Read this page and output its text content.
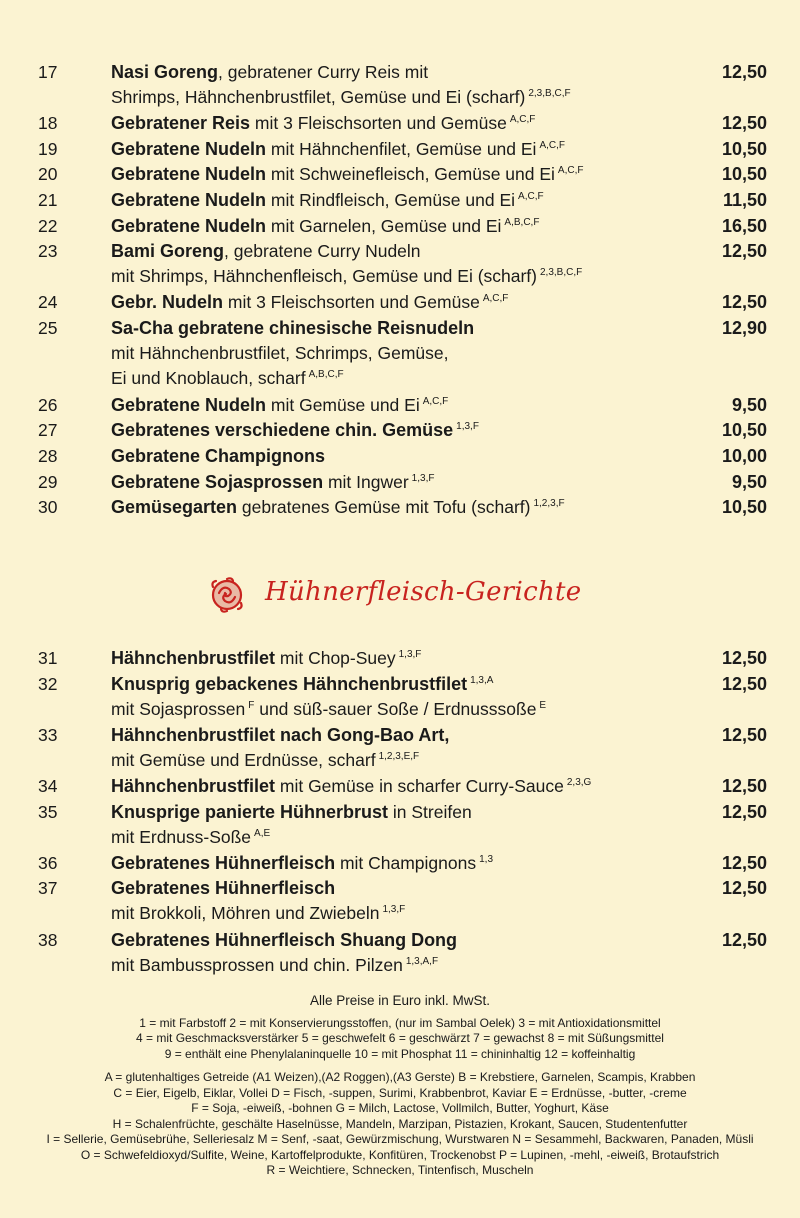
17	Nasi Goreng, gebratener Curry Reis mit	12,50
Shrimps, Hähnchenbrustfilet, Gemüse und Ei (scharf) $^{2,3,B,C,F}$
18	Gebratener Reis mit 3 Fleischsorten und Gemüse $^{A,C,F}$	12,50
19	Gebratene Nudeln mit Hähnchenfilet, Gemüse und Ei $^{A,C,F}$	10,50
20	Gebratene Nudeln mit Schweinefleisch, Gemüse und Ei $^{A,C,F}$	10,50
21	Gebratene Nudeln mit Rindfleisch, Gemüse und Ei $^{A,C,F}$	11,50
22	Gebratene Nudeln mit Garnelen, Gemüse und Ei $^{A,B,C,F}$	16,50
23	Bami Goreng, gebratene Curry Nudeln	12,50
mit Shrimps, Hähnchenfleisch, Gemüse und Ei (scharf) $^{2,3,B,C,F}$
24	Gebr. Nudeln mit 3 Fleischsorten und Gemüse $^{A,C,F}$	12,50
25	Sa-Cha gebratene chinesische Reisnudeln	12,90
mit Hähnchenbrustfilet, Schrimps, Gemüse,
Ei und Knoblauch, scharf $^{A,B,C,F}$
26	Gebratene Nudeln mit Gemüse und Ei $^{A,C,F}$	9,50
27	Gebratenes verschiedene chin. Gemüse $^{1,3,F}$	10,50
28	Gebratene Champignons	10,00
29	Gebratene Sojasprossen mit Ingwer $^{1,3,F}$	9,50
30	Gemüsegarten gebratenes Gemüse mit Tofu (scharf) $^{1,2,3,F}$	10,50
Hühnerfleisch-Gerichte
31	Hähnchenbrustfilet mit Chop-Suey $^{1,3,F}$	12,50
32	Knusprig gebackenes Hähnchenbrustfilet $^{1,3,A}$	12,50
mit Sojasprossen $^F$ und süß-sauer Soße / Erdnusssoße $^E$
33	Hähnchenbrustfilet nach Gong-Bao Art,	12,50
mit Gemüse und Erdnüsse, scharf $^{1,2,3,E,F}$
34	Hähnchenbrustfilet mit Gemüse in scharfer Curry-Sauce $^{2,3,G}$	12,50
35	Knusprige panierte Hühnerbrust in Streifen	12,50
mit Erdnuss-Soße $^{A,E}$
36	Gebratenes Hühnerfleisch mit Champignons $^{1,3}$	12,50
37	Gebratenes Hühnerfleisch	12,50
mit Brokkoli, Möhren und Zwiebeln $^{1,3,F}$
38	Gebratenes Hühnerfleisch Shuang Dong	12,50
mit Bambussprossen und chin. Pilzen $^{1,3,A,F}$
Alle Preise in Euro inkl. MwSt.
1 = mit Farbstoff 2 = mit Konservierungsstoffen, (nur im Sambal Oelek) 3 = mit Antioxidationsmittel
4 = mit Geschmacksverstärker 5 = geschwefelt 6 = geschwärzt 7 = gewachst 8 = mit Süßungsmittel
9 = enthält eine Phenylalaninquelle 10 = mit Phosphat 11 = chininhaltig 12 = koffeinhaltig
A = glutenhaltiges Getreide (A1 Weizen),(A2 Roggen),(A3 Gerste) B = Krebstiere, Garnelen, Scampis, Krabben
C = Eier, Eigelb, Eiklar, Vollei D = Fisch, -suppen, Surimi, Krabbenbrot, Kaviar E = Erdnüsse, -butter, -creme
F = Soja, -eiweiß, -bohnen G = Milch, Lactose, Vollmilch, Butter, Yoghurt, Käse
H = Schalenfrüchte, geschälte Haselnüsse, Mandeln, Marzipan, Pistazien, Krokant, Saucen, Studentenfutter
I = Sellerie, Gemüsebrühe, Selleriesalz M = Senf, -saat, Gewürzmischung, Wurstwaren N = Sesammehl, Backwaren, Panaden, Müsli
O = Schwefeldioxyd/Sulfite, Weine, Kartoffelprodukte, Konfitüren, Trockenobst P = Lupinen, -mehl, -eiweiß, Brotaufstrich
R = Weichtiere, Schnecken, Tintenfisch, Muscheln
